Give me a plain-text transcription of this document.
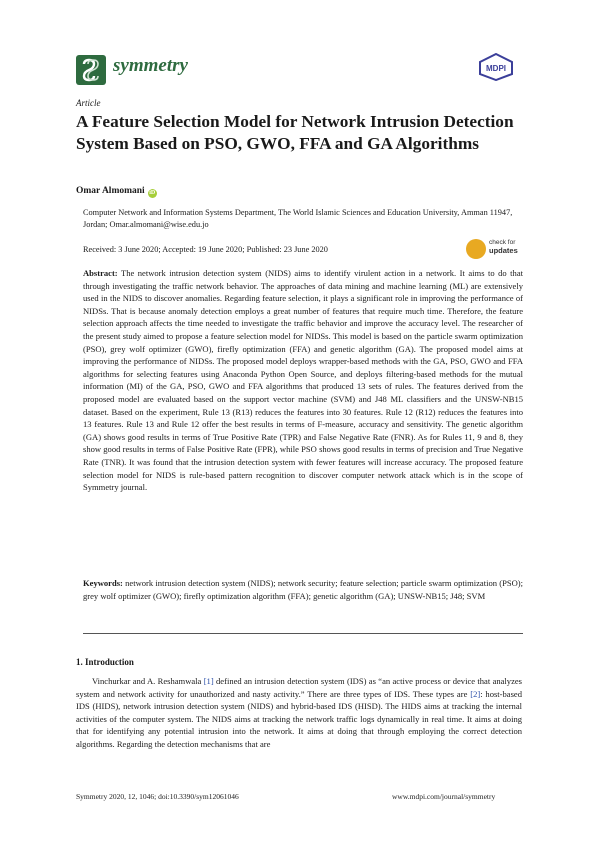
symmetry	MDPI
Article
A Feature Selection Model for Network Intrusion Detection System Based on PSO, GWO, FFA and GA Algorithms
Omar Almomani iD
Computer Network and Information Systems Department, The World Islamic Sciences and Education University, Amman 11947, Jordan; Omar.almomani@wise.edu.jo
Received: 3 June 2020; Accepted: 19 June 2020; Published: 23 June 2020
check for
updates
Abstract: The network intrusion detection system (NIDS) aims to identify virulent action in a network. It aims to do that through investigating the traffic network behavior. The approaches of data mining and machine learning (ML) are extensively used in the NIDS to discover anomalies. Regarding feature selection, it plays a significant role in improving the performance of NIDSs. That is because anomaly detection employs a great number of features that require much time. Therefore, the feature selection approach affects the time needed to investigate the traffic behavior and improve the accuracy level. The researcher of the present study aimed to propose a feature selection model for NIDSs. This model is based on the particle swarm optimization (PSO), grey wolf optimizer (GWO), firefly optimization (FFA) and genetic algorithm (GA). The proposed model aims at improving the performance of NIDSs. The proposed model deploys wrapper-based methods with the GA, PSO, GWO and FFA algorithms for selecting features using Anaconda Python Open Source, and deploys filtering-based methods for the mutual information (MI) of the GA, PSO, GWO and FFA algorithms that produced 13 sets of rules. The features derived from the proposed model are evaluated based on the support vector machine (SVM) and J48 ML classifiers and the UNSW-NB15 dataset. Based on the experiment, Rule 13 (R13) reduces the features into 30 features. Rule 12 (R12) reduces the features into 13 features. Rule 13 and Rule 12 offer the best results in terms of F-measure, accuracy and sensitivity. The genetic algorithm (GA) shows good results in terms of True Positive Rate (TPR) and False Negative Rate (FNR). As for Rules 11, 9 and 8, they show good results in terms of False Positive Rate (FPR), while PSO shows good results in terms of precision and True Negative Rate (TNR). It was found that the intrusion detection system with fewer features will increase accuracy. The proposed feature selection model for NIDS is rule-based pattern recognition to discover computer network attack which is in the scope of Symmetry journal.
Keywords: network intrusion detection system (NIDS); network security; feature selection; particle swarm optimization (PSO); grey wolf optimizer (GWO); firefly optimization algorithm (FFA); genetic algorithm (GA); UNSW-NB15; J48; SVM
1. Introduction
Vinchurkar and A. Reshamwala [1] defined an intrusion detection system (IDS) as “an active process or device that analyzes system and network activity for unauthorized and nasty activity.” There are three types of IDS. These types are [2]: host-based IDS (HIDS), network intrusion detection system (NIDS) and hybrid-based IDS (HISD). The HIDS aims at tracking the internal activities of the computer system. The NIDS aims at tracking the network traffic logs dynamically in real time. It aims at doing that for identifying any potential intrusion into the network. It aims at doing that through employing the correct detection algorithms. Regarding the detection mechanisms that are
Symmetry 2020, 12, 1046; doi:10.3390/sym12061046	www.mdpi.com/journal/symmetry
